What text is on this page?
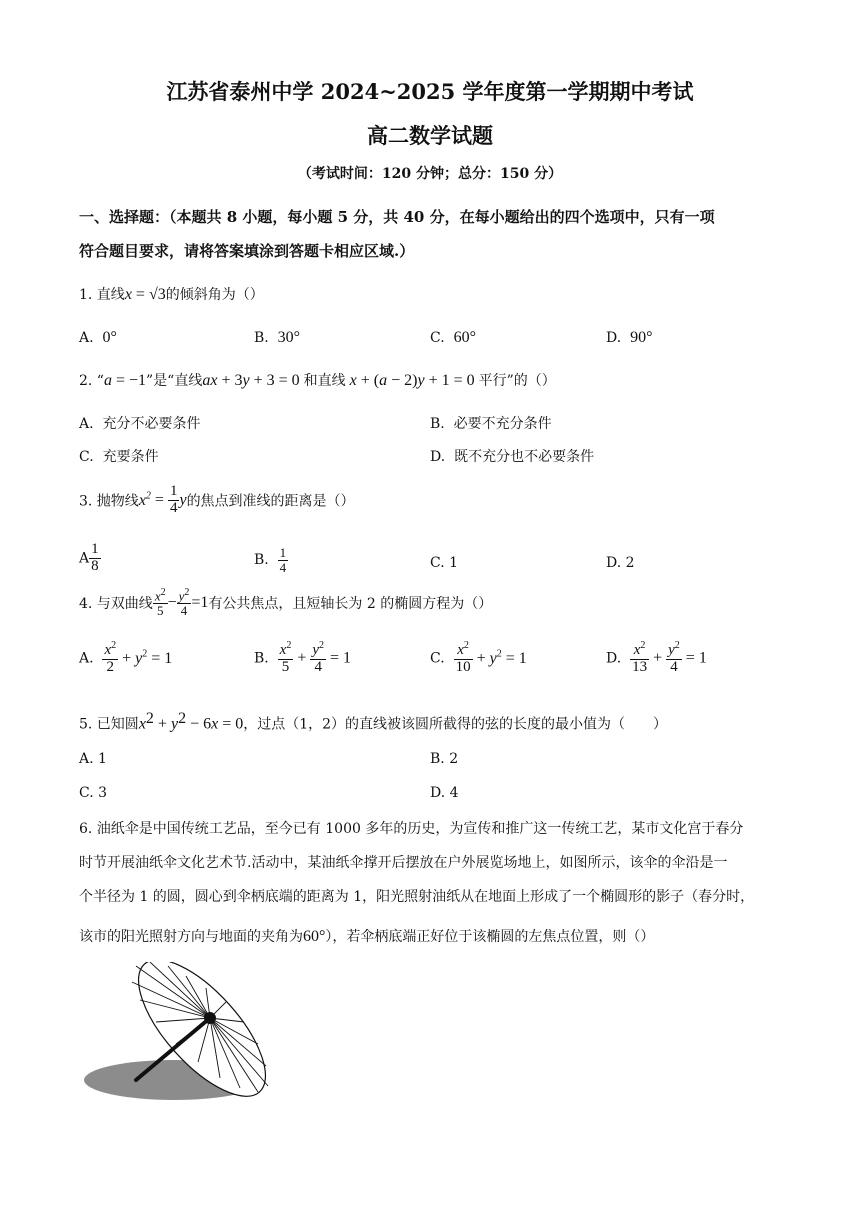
江苏省泰州中学 2024~2025 学年度第一学期期中考试
高二数学试题
（考试时间：120 分钟；总分：150 分）
一、选择题：（本题共 8 小题，每小题 5 分，共 40 分，在每小题给出的四个选项中，只有一项
符合题目要求，请将答案填涂到答题卡相应区域.）
1. 直线x = √3的倾斜角为（）
A. 0°	B. 30°	C. 60°	D. 90°
2. “a = −1”是“直线ax + 3y + 3 = 0 和直线 x + (a − 2)y + 1 = 0 平行”的（）
A. 充分不必要条件	B. 必要不充分条件
C. 充要条件	D. 既不充分也不必要条件
3. 抛物线$x^2 = \frac{1}{4}$ y的焦点到准线的距离是（）
A $\frac{1}{8}$	B. $\frac{1}{4}$	C. 1	D. 2
4. 与双曲线 $\frac{x^2}{5} - \frac{y^2}{4} =1$有公共焦点，且短轴长为 2 的椭圆方程为（）
A. $\frac{x^2}{2} + y^2 = 1$	B. $\frac{x^2}{5} + \frac{y^2}{4} = 1$	C. $\frac{x^2}{10} + y^2 = 1$	D. $\frac{x^2}{13} + \frac{y^2}{4} = 1$
5. 已知圆$x^2 + y^2 - 6x = 0$，过点（1，2）的直线被该圆所截得的弦的长度的最小值为（　　）
A. 1	B. 2
C. 3	D. 4
6. 油纸伞是中国传统工艺品，至今已有 1000 多年的历史，为宣传和推广这一传统工艺，某市文化宫于春分
时节开展油纸伞文化艺术节.活动中，某油纸伞撑开后摆放在户外展览场地上，如图所示，该伞的伞沿是一
个半径为 1 的圆，圆心到伞柄底端的距离为 1，阳光照射油纸从在地面上形成了一个椭圆形的影子（春分时，
该市的阳光照射方向与地面的夹角为60°），若伞柄底端正好位于该椭圆的左焦点位置，则（）
